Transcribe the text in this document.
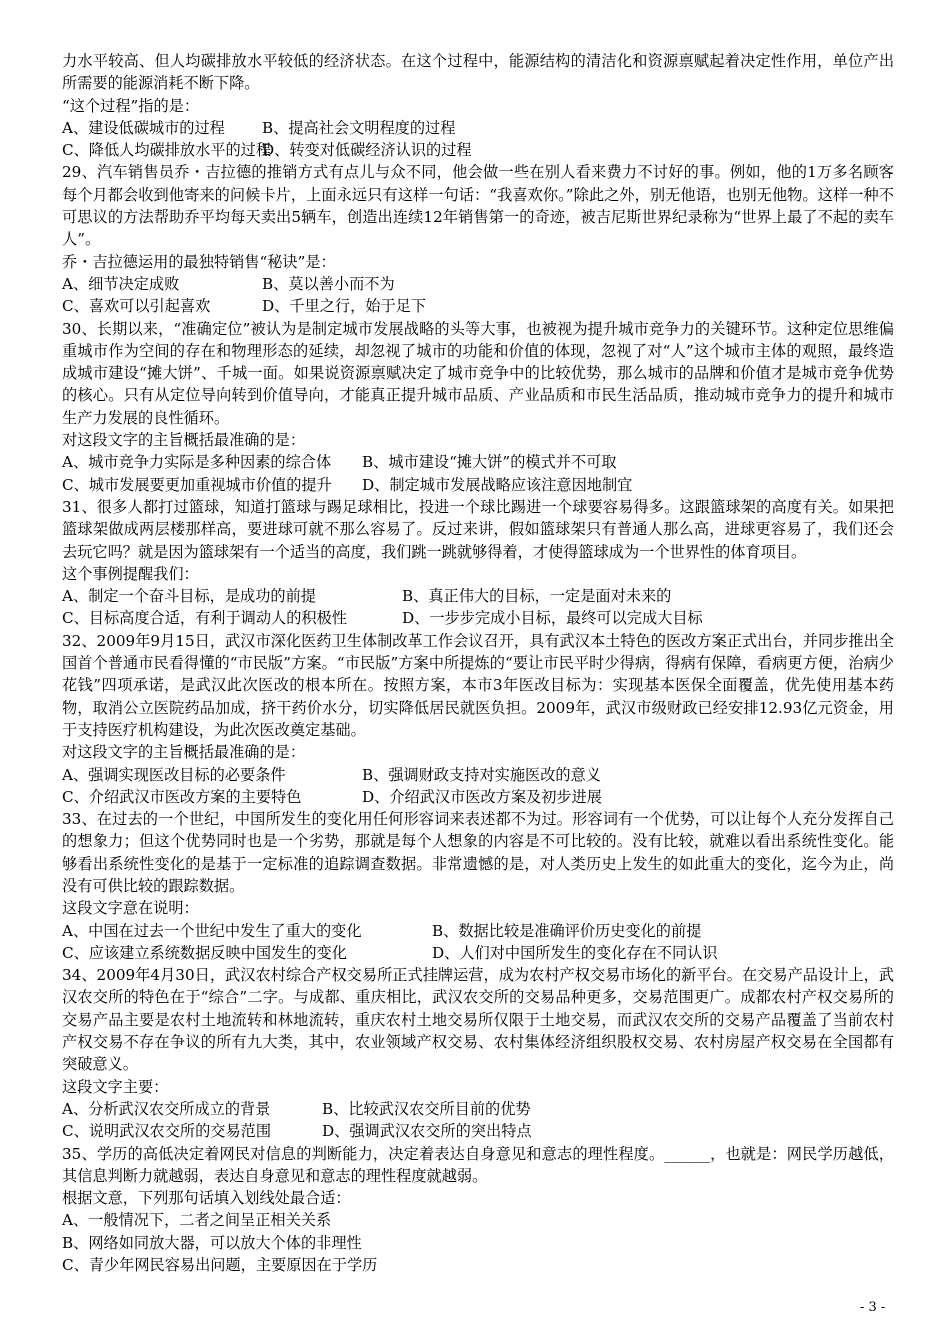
力水平较高、但人均碳排放水平较低的经济状态。在这个过程中，能源结构的清洁化和资源禀赋起着决定性作用，单位产出所需要的能源消耗不断下降。

“这个过程”指的是：

A、建设低碳城市的过程	B、提高社会文明程度的过程
C、降低人均碳排放水平的过程
D、转变对低碳经济认识的过程

29、汽车销售员乔・吉拉德的推销方式有点儿与众不同，他会做一些在别人看来费力不讨好的事。例如，他的1万多名顾客每个月都会收到他寄来的问候卡片，上面永远只有这样一句话：“我喜欢你。”除此之外，别无他语，也别无他物。这样一种不可思议的方法帮助乔平均每天卖出5辆车，创造出连续12年销售第一的奇迹，被吉尼斯世界纪录称为“世界上最了不起的卖车人”。

乔・吉拉德运用的最独特销售“秘诀”是：

A、细节决定成败	B、莫以善小而不为
C、喜欢可以引起喜欢	D、千里之行，始于足下

30、长期以来，“准确定位”被认为是制定城市发展战略的头等大事，也被视为提升城市竞争力的关键环节。这种定位思维偏重城市作为空间的存在和物理形态的延续，却忽视了城市的功能和价值的体现，忽视了对“人”这个城市主体的观照，最终造成城市建设“摊大饼”、千城一面。如果说资源禀赋决定了城市竞争中的比较优势，那么城市的品牌和价值才是城市竞争优势的核心。只有从定位导向转到价值导向，才能真正提升城市品质、产业品质和市民生活品质，推动城市竞争力的提升和城市生产力发展的良性循环。

对这段文字的主旨概括最准确的是：

A、城市竞争力实际是多种因素的综合体	B、城市建设“摊大饼”的模式并不可取
C、城市发展要更加重视城市价值的提升	D、制定城市发展战略应该注意因地制宜

31、很多人都打过篮球，知道打篮球与踢足球相比，投进一个球比踢进一个球要容易得多。这跟篮球架的高度有关。如果把篮球架做成两层楼那样高，要进球可就不那么容易了。反过来讲，假如篮球架只有普通人那么高，进球更容易了，我们还会去玩它吗？就是因为篮球架有一个适当的高度，我们跳一跳就够得着，才使得篮球成为一个世界性的体育项目。

这个事例提醒我们：

A、制定一个奋斗目标，是成功的前提	B、真正伟大的目标，一定是面对未来的
C、目标高度合适，有利于调动人的积极性	D、一步步完成小目标，最终可以完成大目标

32、2009年9月15日，武汉市深化医药卫生体制改革工作会议召开，具有武汉本土特色的医改方案正式出台，并同步推出全国首个普通市民看得懂的“市民版”方案。“市民版”方案中所提炼的“要让市民平时少得病，得病有保障，看病更方便，治病少花钱”四项承诺，是武汉此次医改的根本所在。按照方案，本市3年医改目标为：实现基本医保全面覆盖，优先使用基本药物，取消公立医院药品加成，挤干药价水分，切实降低居民就医负担。2009年，武汉市级财政已经安排12.93亿元资金，用于支持医疗机构建设，为此次医改奠定基础。

对这段文字的主旨概括最准确的是：

A、强调实现医改目标的必要条件	B、强调财政支持对实施医改的意义
C、介绍武汉市医改方案的主要特色	D、介绍武汉市医改方案及初步进展

33、在过去的一个世纪，中国所发生的变化用任何形容词来表述都不为过。形容词有一个优势，可以让每个人充分发挥自己的想象力；但这个优势同时也是一个劣势，那就是每个人想象的内容是不可比较的。没有比较，就难以看出系统性变化。能够看出系统性变化的是基于一定标准的追踪调查数据。非常遗憾的是，对人类历史上发生的如此重大的变化，迄今为止，尚没有可供比较的跟踪数据。

这段文字意在说明：

A、中国在过去一个世纪中发生了重大的变化	B、数据比较是准确评价历史变化的前提
C、应该建立系统数据反映中国发生的变化	D、人们对中国所发生的变化存在不同认识

34、2009年4月30日，武汉农村综合产权交易所正式挂牌运营，成为农村产权交易市场化的新平台。在交易产品设计上，武汉农交所的特色在于“综合”二字。与成都、重庆相比，武汉农交所的交易品种更多，交易范围更广。成都农村产权交易所的交易产品主要是农村土地流转和林地流转，重庆农村土地交易所仅限于土地交易，而武汉农交所的交易产品覆盖了当前农村产权交易不存在争议的所有九大类，其中，农业领域产权交易、农村集体经济组织股权交易、农村房屋产权交易在全国都有突破意义。

这段文字主要：

A、分析武汉农交所成立的背景	B、比较武汉农交所目前的优势
C、说明武汉农交所的交易范围	D、强调武汉农交所的突出特点

35、学历的高低决定着网民对信息的判断能力，决定着表达自身意见和意志的理性程度。______，也就是：网民学历越低，其信息判断力就越弱，表达自身意见和意志的理性程度就越弱。

根据文意，下列那句话填入划线处最合适：

A、一般情况下，二者之间呈正相关关系

B、网络如同放大器，可以放大个体的非理性

C、青少年网民容易出问题，主要原因在于学历

- 3 -
